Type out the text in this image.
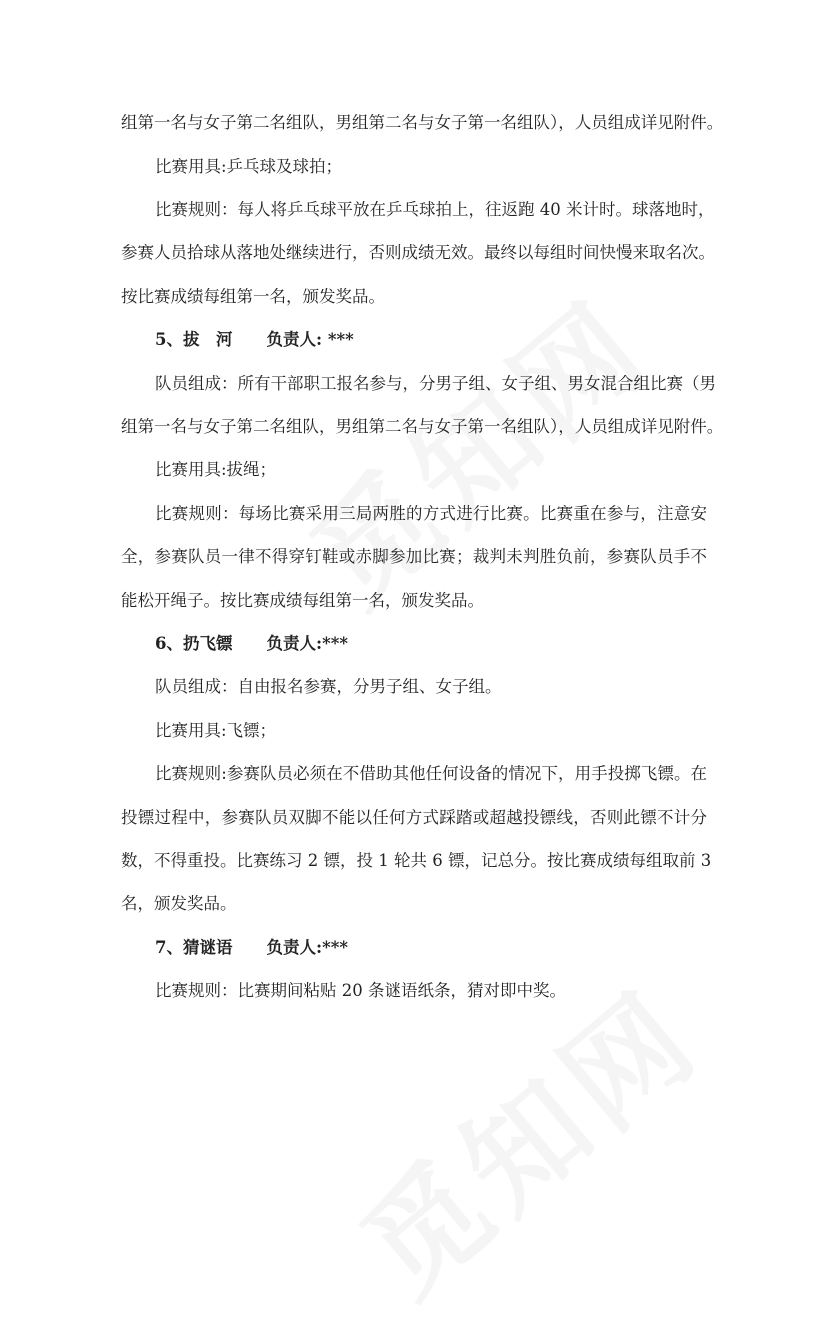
组第一名与女子第二名组队，男组第二名与女子第一名组队），人员组成详见附件。
比赛用具:乒乓球及球拍；
比赛规则：每人将乒乓球平放在乒乓球拍上，往返跑 40 米计时。球落地时，
参赛人员拾球从落地处继续进行，否则成绩无效。最终以每组时间快慢来取名次。
按比赛成绩每组第一名，颁发奖品。
5、拔　河 负责人: ***
队员组成：所有干部职工报名参与，分男子组、女子组、男女混合组比赛（男
组第一名与女子第二名组队，男组第二名与女子第一名组队），人员组成详见附件。
比赛用具:拔绳；
比赛规则：每场比赛采用三局两胜的方式进行比赛。比赛重在参与，注意安
全，参赛队员一律不得穿钉鞋或赤脚参加比赛；裁判未判胜负前，参赛队员手不
能松开绳子。按比赛成绩每组第一名，颁发奖品。
6、扔飞镖 负责人:***
队员组成：自由报名参赛，分男子组、女子组。
比赛用具:飞镖；
比赛规则:参赛队员必须在不借助其他任何设备的情况下，用手投掷飞镖。在
投镖过程中，参赛队员双脚不能以任何方式踩踏或超越投镖线，否则此镖不计分
数，不得重投。比赛练习 2 镖，投 1 轮共 6 镖，记总分。按比赛成绩每组取前 3
名，颁发奖品。
7、猜谜语 负责人:***
比赛规则：比赛期间粘贴 20 条谜语纸条，猜对即中奖。
